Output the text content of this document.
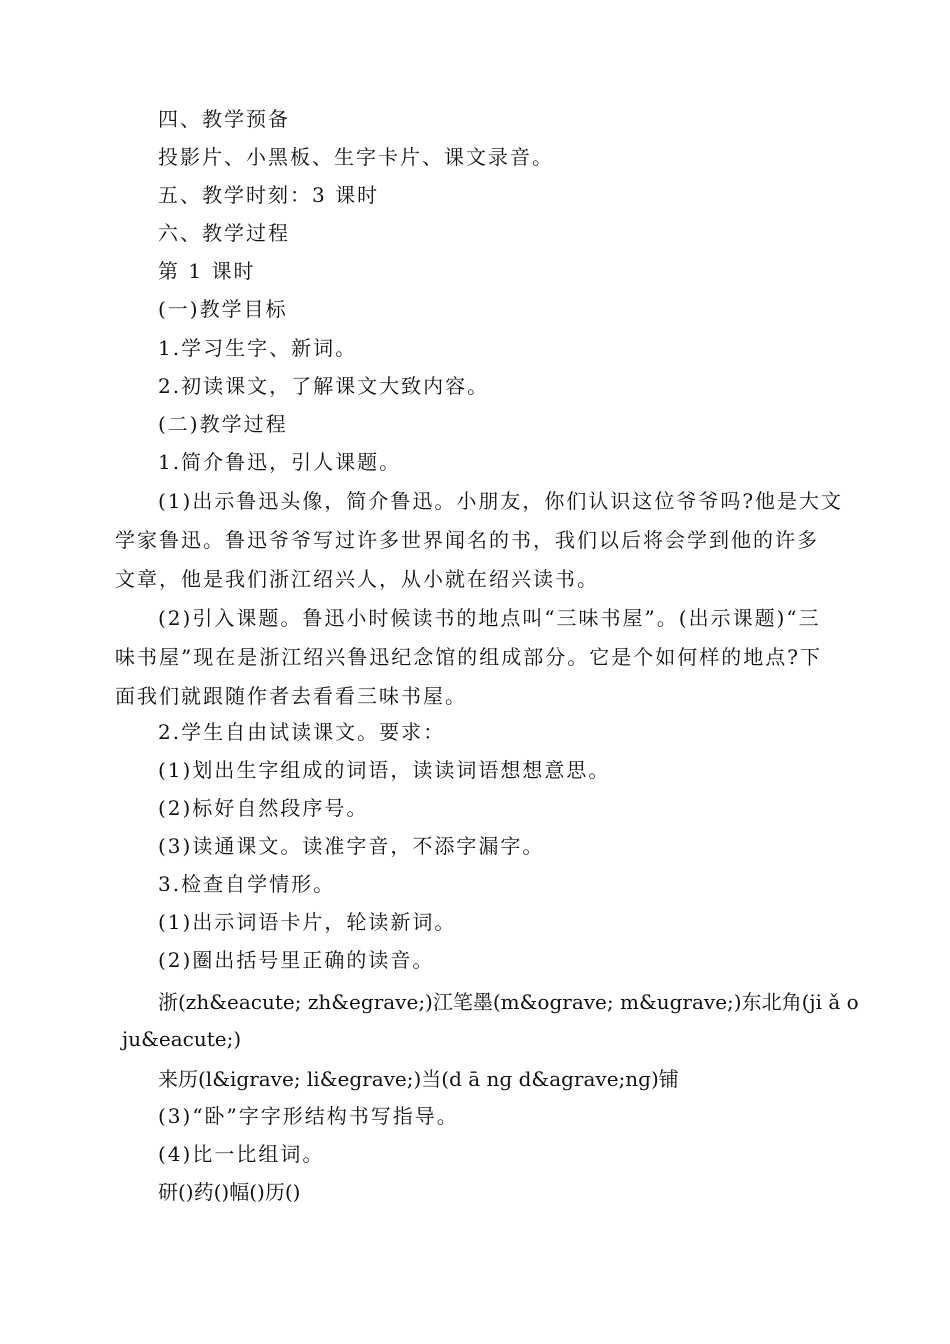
四、教学预备
投影片、小黑板、生字卡片、课文录音。
五、教学时刻：3 课时
六、教学过程
第 1 课时
(一)教学目标
1.学习生字、新词。
2.初读课文，了解课文大致内容。
(二)教学过程
1.简介鲁迅，引人课题。
(1)出示鲁迅头像，简介鲁迅。小朋友，你们认识这位爷爷吗?他是大文
学家鲁迅。鲁迅爷爷写过许多世界闻名的书，我们以后将会学到他的许多
文章，他是我们浙江绍兴人，从小就在绍兴读书。
(2)引入课题。鲁迅小时候读书的地点叫“三味书屋”。(出示课题)“三
味书屋”现在是浙江绍兴鲁迅纪念馆的组成部分。它是个如何样的地点?下
面我们就跟随作者去看看三味书屋。
2.学生自由试读课文。要求：
(1)划出生字组成的词语，读读词语想想意思。
(2)标好自然段序号。
(3)读通课文。读准字音，不添字漏字。
3.检查自学情形。
(1)出示词语卡片，轮读新词。
(2)圈出括号里正确的读音。
浙(zh&eacute; zh&egrave;)江笔墨(m&ograve; m&ugrave;)东北角(ji ǎ o
ju&eacute;)
来历(l&igrave; li&egrave;)当(d ā nɡ d&agrave;nɡ)铺
(3)“卧”字字形结构书写指导。
(4)比一比组词。
研()药()幅()历()
